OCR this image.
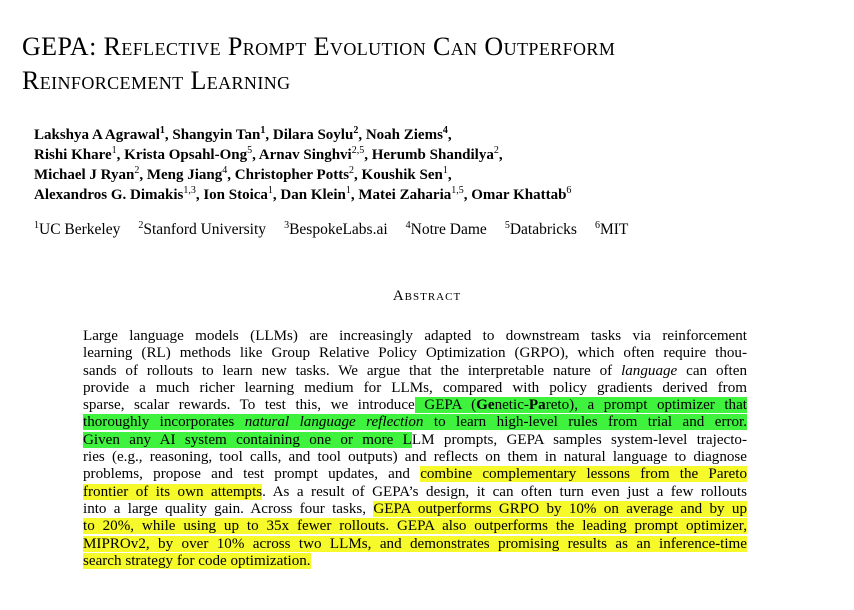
GEPA: Reflective Prompt Evolution Can Outperform
Reinforcement Learning
Lakshya A Agrawal$^1$, Shangyin Tan$^1$, Dilara Soylu$^2$, Noah Ziems$^4$,
Rishi Khare$^1$, Krista Opsahl-Ong$^5$, Arnav Singhvi$^{2,5}$, Herumb Shandilya$^2$,
Michael J Ryan$^2$, Meng Jiang$^4$, Christopher Potts$^2$, Koushik Sen$^1$,
Alexandros G. Dimakis$^{1,3}$, Ion Stoica$^1$, Dan Klein$^1$, Matei Zaharia$^{1,5}$, Omar Khattab$^6$
$^1$UC Berkeley $^2$Stanford University $^3$BespokeLabs.ai $^4$Notre Dame $^5$Databricks $^6$MIT
Abstract
Large language models (LLMs) are increasingly adapted to downstream tasks via reinforcement
learning (RL) methods like Group Relative Policy Optimization (GRPO), which often require thou-
sands of rollouts to learn new tasks. We argue that the interpretable nature of language can often
provide a much richer learning medium for LLMs, compared with policy gradients derived from
sparse, scalar rewards. To test this, we introduce GEPA (Genetic-Pareto), a prompt optimizer that
thoroughly incorporates natural language reflection to learn high-level rules from trial and error.
Given any AI system containing one or more LLM prompts, GEPA samples system-level trajecto-
ries (e.g., reasoning, tool calls, and tool outputs) and reflects on them in natural language to diagnose
problems, propose and test prompt updates, and combine complementary lessons from the Pareto
frontier of its own attempts. As a result of GEPA’s design, it can often turn even just a few rollouts
into a large quality gain. Across four tasks, GEPA outperforms GRPO by 10% on average and by up
to 20%, while using up to 35x fewer rollouts. GEPA also outperforms the leading prompt optimizer,
MIPROv2, by over 10% across two LLMs, and demonstrates promising results as an inference-time
search strategy for code optimization.
